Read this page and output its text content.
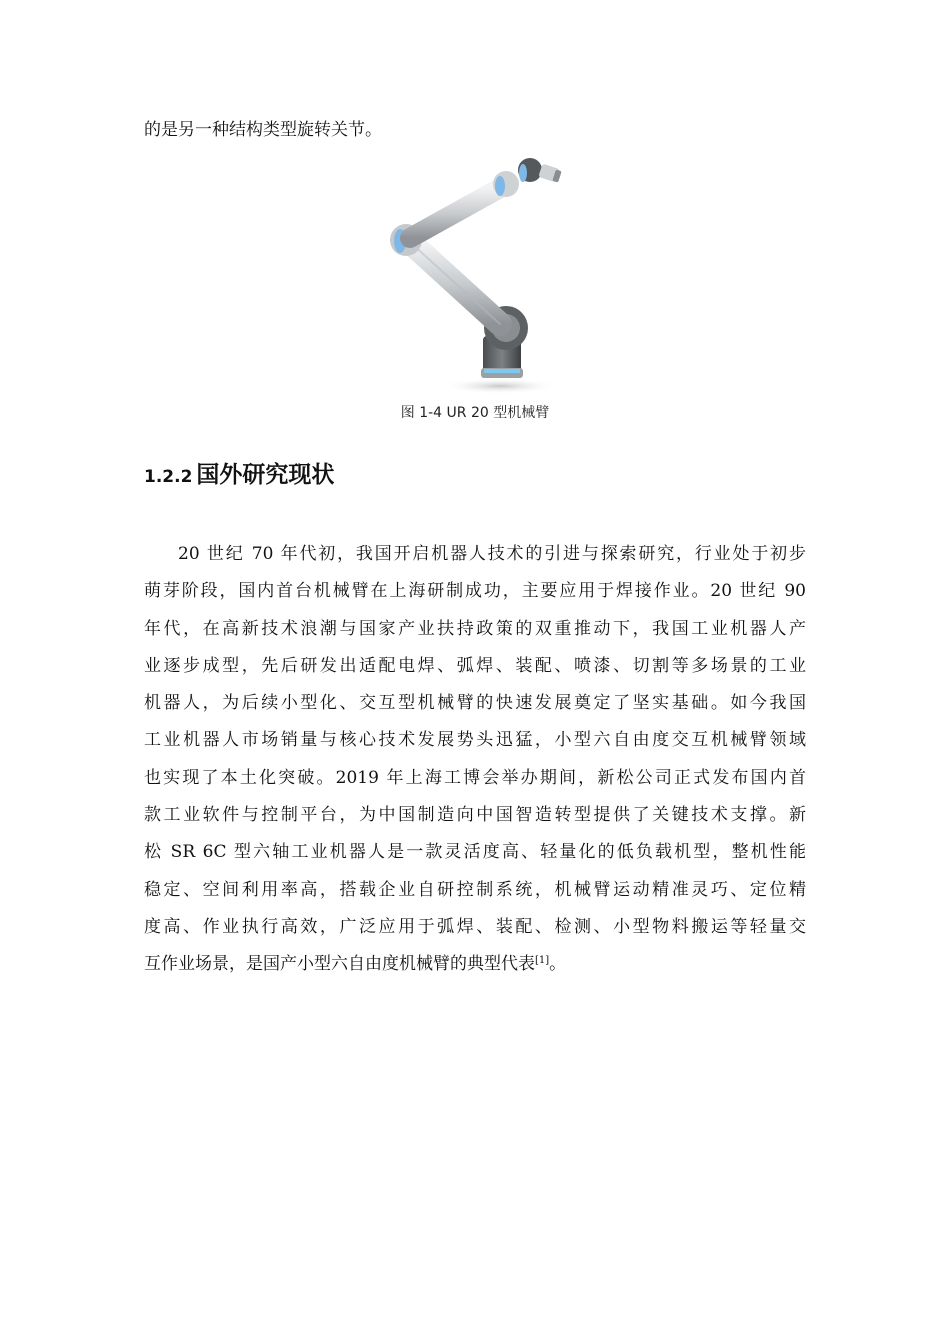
的是另一种结构类型旋转关节。
图 1-4 UR 20 型机械臂
1.2.2 国外研究现状
20 世纪 70 年代初，我国开启机器人技术的引进与探索研究，行业处于初步
萌芽阶段，国内首台机械臂在上海研制成功，主要应用于焊接作业。20 世纪 90
年代，在高新技术浪潮与国家产业扶持政策的双重推动下，我国工业机器人产
业逐步成型，先后研发出适配电焊、弧焊、装配、喷漆、切割等多场景的工业
机器人，为后续小型化、交互型机械臂的快速发展奠定了坚实基础。如今我国
工业机器人市场销量与核心技术发展势头迅猛，小型六自由度交互机械臂领域
也实现了本土化突破。2019 年上海工博会举办期间，新松公司正式发布国内首
款工业软件与控制平台，为中国制造向中国智造转型提供了关键技术支撑。新
松 SR 6C 型六轴工业机器人是一款灵活度高、轻量化的低负载机型，整机性能
稳定、空间利用率高，搭载企业自研控制系统，机械臂运动精准灵巧、定位精
度高、作业执行高效，广泛应用于弧焊、装配、检测、小型物料搬运等轻量交
互作业场景，是国产小型六自由度机械臂的典型代表[1]。
